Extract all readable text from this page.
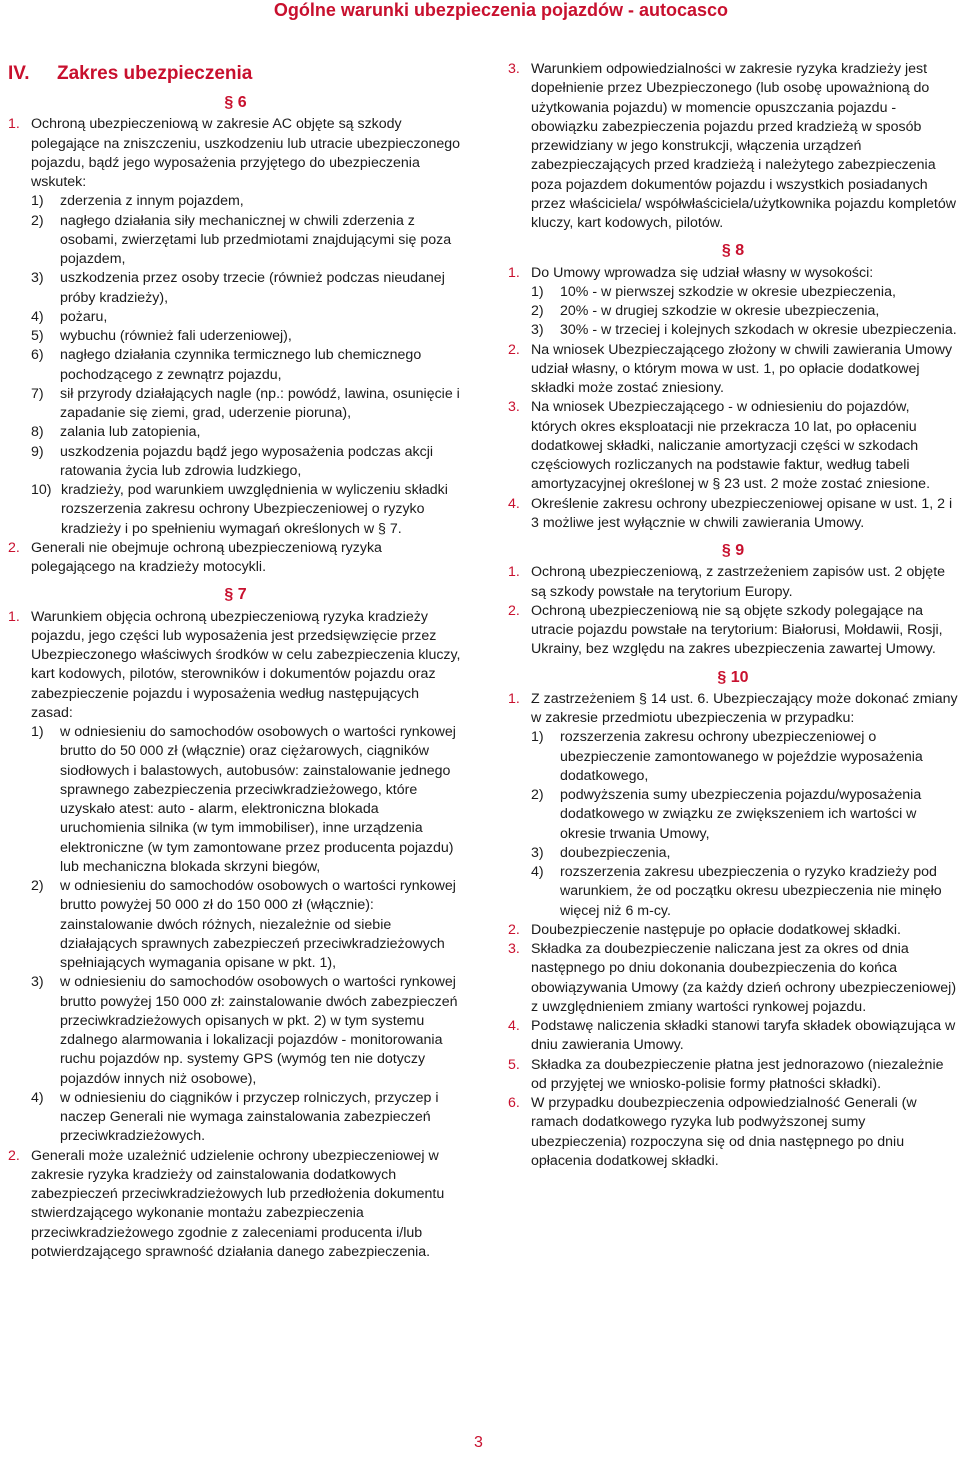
Ogólne warunki ubezpieczenia pojazdów - autocasco
IV. Zakres ubezpieczenia
§ 6
1. Ochroną ubezpieczeniową w zakresie AC objęte są szkody polegające na zniszczeniu, uszkodzeniu lub utracie ubezpieczonego pojazdu, bądź jego wyposażenia przyjętego do ubezpieczenia wskutek:
1) zderzenia z innym pojazdem,
2) nagłego działania siły mechanicznej w chwili zderzenia z osobami, zwierzętami lub przedmiotami znajdującymi się poza pojazdem,
3) uszkodzenia przez osoby trzecie (również podczas nieudanej próby kradzieży),
4) pożaru,
5) wybuchu (również fali uderzeniowej),
6) nagłego działania czynnika termicznego lub chemicznego pochodzącego z zewnątrz pojazdu,
7) sił przyrody działających nagle (np.: powódź, lawina, osunięcie i zapadanie się ziemi, grad, uderzenie pioruna),
8) zalania lub zatopienia,
9) uszkodzenia pojazdu bądź jego wyposażenia podczas akcji ratowania życia lub zdrowia ludzkiego,
10) kradzieży, pod warunkiem uwzględnienia w wyliczeniu składki rozszerzenia zakresu ochrony Ubezpieczeniowej o ryzyko kradzieży i po spełnieniu wymagań określonych w § 7.
2. Generali nie obejmuje ochroną ubezpieczeniową ryzyka polegającego na kradzieży motocykli.
§ 7
1. Warunkiem objęcia ochroną ubezpieczeniową ryzyka kradzieży pojazdu, jego części lub wyposażenia jest przedsięwzięcie przez Ubezpieczonego właściwych środków w celu zabezpieczenia kluczy, kart kodowych, pilotów, sterowników i dokumentów pojazdu oraz zabezpieczenie pojazdu i wyposażenia według następujących zasad:
1) w odniesieniu do samochodów osobowych o wartości rynkowej brutto do 50 000 zł (włącznie) oraz ciężarowych, ciągników siodłowych i balastowych, autobusów: zainstalowanie jednego sprawnego zabezpieczenia przeciwkradzieżowego, które uzyskało atest: auto - alarm, elektroniczna blokada uruchomienia silnika (w tym immobiliser), inne urządzenia elektroniczne (w tym zamontowane przez producenta pojazdu) lub mechaniczna blokada skrzyni biegów,
2) w odniesieniu do samochodów osobowych o wartości rynkowej brutto powyżej 50 000 zł do 150 000 zł (włącznie): zainstalowanie dwóch różnych, niezależnie od siebie działających sprawnych zabezpieczeń przeciwkradzieżowych spełniających wymagania opisane w pkt. 1),
3) w odniesieniu do samochodów osobowych o wartości rynkowej brutto powyżej 150 000 zł: zainstalowanie dwóch zabezpieczeń przeciwkradzieżowych opisanych w pkt. 2) w tym systemu zdalnego alarmowania i lokalizacji pojazdów - monitorowania ruchu pojazdów np. systemy GPS (wymóg ten nie dotyczy pojazdów innych niż osobowe),
4) w odniesieniu do ciągników i przyczep rolniczych, przyczep i naczep Generali nie wymaga zainstalowania zabezpieczeń przeciwkradzieżowych.
2. Generali może uzależnić udzielenie ochrony ubezpieczeniowej w zakresie ryzyka kradzieży od zainstalowania dodatkowych zabezpieczeń przeciwkradzieżowych lub przedłożenia dokumentu stwierdzającego wykonanie montażu zabezpieczenia przeciwkradzieżowego zgodnie z zaleceniami producenta i/lub potwierdzającego sprawność działania danego zabezpieczenia.
3. Warunkiem odpowiedzialności w zakresie ryzyka kradzieży jest dopełnienie przez Ubezpieczonego (lub osobę upoważnioną do użytkowania pojazdu) w momencie opuszczania pojazdu - obowiązku zabezpieczenia pojazdu przed kradzieżą w sposób przewidziany w jego konstrukcji, włączenia urządzeń zabezpieczających przed kradzieżą i należytego zabezpieczenia poza pojazdem dokumentów pojazdu i wszystkich posiadanych przez właściciela/ współwłaściciela/użytkownika pojazdu kompletów kluczy, kart kodowych, pilotów.
§ 8
1. Do Umowy wprowadza się udział własny w wysokości:
1) 10% - w pierwszej szkodzie w okresie ubezpieczenia,
2) 20% - w drugiej szkodzie w okresie ubezpieczenia,
3) 30% - w trzeciej i kolejnych szkodach w okresie ubezpieczenia.
2. Na wniosek Ubezpieczającego złożony w chwili zawierania Umowy udział własny, o którym mowa w ust. 1, po opłacie dodatkowej składki może zostać zniesiony.
3. Na wniosek Ubezpieczającego - w odniesieniu do pojazdów, których okres eksploatacji nie przekracza 10 lat, po opłaceniu dodatkowej składki, naliczanie amortyzacji części w szkodach częściowych rozliczanych na podstawie faktur, według tabeli amortyzacyjnej określonej w § 23 ust. 2 może zostać zniesione.
4. Określenie zakresu ochrony ubezpieczeniowej opisane w ust. 1, 2 i 3 możliwe jest wyłącznie w chwili zawierania Umowy.
§ 9
1. Ochroną ubezpieczeniową, z zastrzeżeniem zapisów ust. 2 objęte są szkody powstałe na terytorium Europy.
2. Ochroną ubezpieczeniową nie są objęte szkody polegające na utracie pojazdu powstałe na terytorium: Białorusi, Mołdawii, Rosji, Ukrainy, bez względu na zakres ubezpieczenia zawartej Umowy.
§ 10
1. Z zastrzeżeniem § 14 ust. 6. Ubezpieczający może dokonać zmiany w zakresie przedmiotu ubezpieczenia w przypadku:
1) rozszerzenia zakresu ochrony ubezpieczeniowej o ubezpieczenie zamontowanego w pojeździe wyposażenia dodatkowego,
2) podwyższenia sumy ubezpieczenia pojazdu/wyposażenia dodatkowego w związku ze zwiększeniem ich wartości w okresie trwania Umowy,
3) doubezpieczenia,
4) rozszerzenia zakresu ubezpieczenia o ryzyko kradzieży pod warunkiem, że od początku okresu ubezpieczenia nie minęło więcej niż 6 m-cy.
2. Doubezpieczenie następuje po opłacie dodatkowej składki.
3. Składka za doubezpieczenie naliczana jest za okres od dnia następnego po dniu dokonania doubezpieczenia do końca obowiązywania Umowy (za każdy dzień ochrony ubezpieczeniowej) z uwzględnieniem zmiany wartości rynkowej pojazdu.
4. Podstawę naliczenia składki stanowi taryfa składek obowiązująca w dniu zawierania Umowy.
5. Składka za doubezpieczenie płatna jest jednorazowo (niezależnie od przyjętej we wniosko-polisie formy płatności składki).
6. W przypadku doubezpieczenia odpowiedzialność Generali (w ramach dodatkowego ryzyka lub podwyższonej sumy ubezpieczenia) rozpoczyna się od dnia następnego po dniu opłacenia dodatkowej składki.
3
